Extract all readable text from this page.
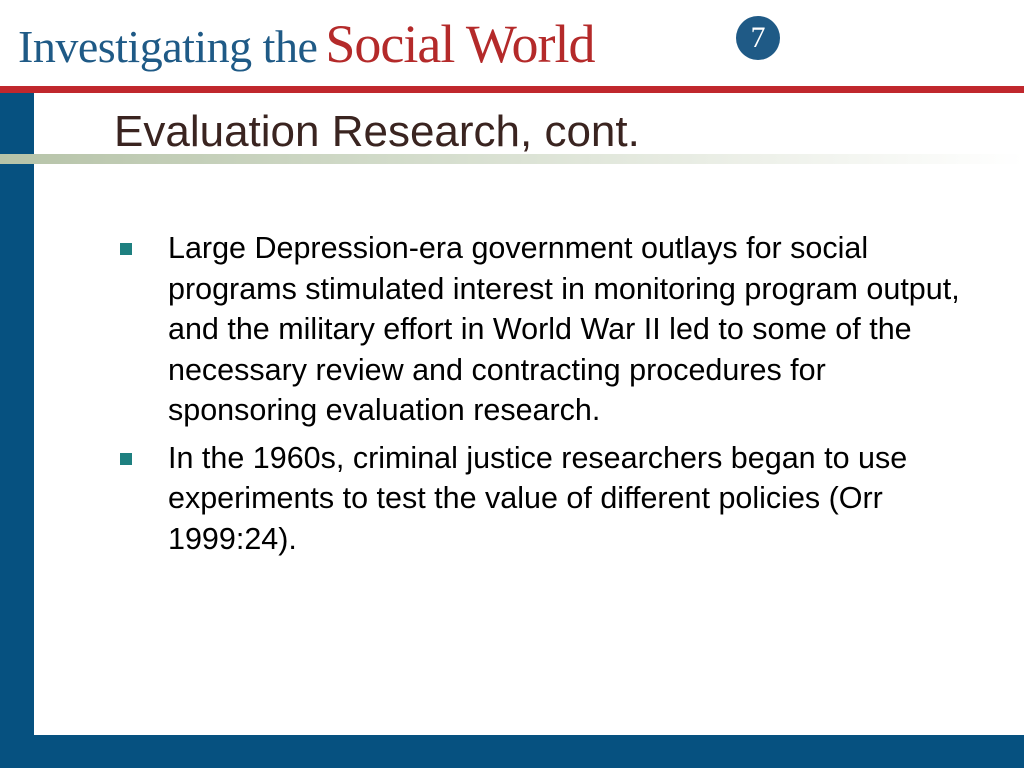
Investigating the Social World	7
Evaluation Research, cont.
Large Depression-era government outlays for social programs stimulated interest in monitoring program output, and the military effort in World War II led to some of the necessary review and contracting procedures for sponsoring evaluation research.
In the 1960s, criminal justice researchers began to use experiments to test the value of different policies (Orr 1999:24).
